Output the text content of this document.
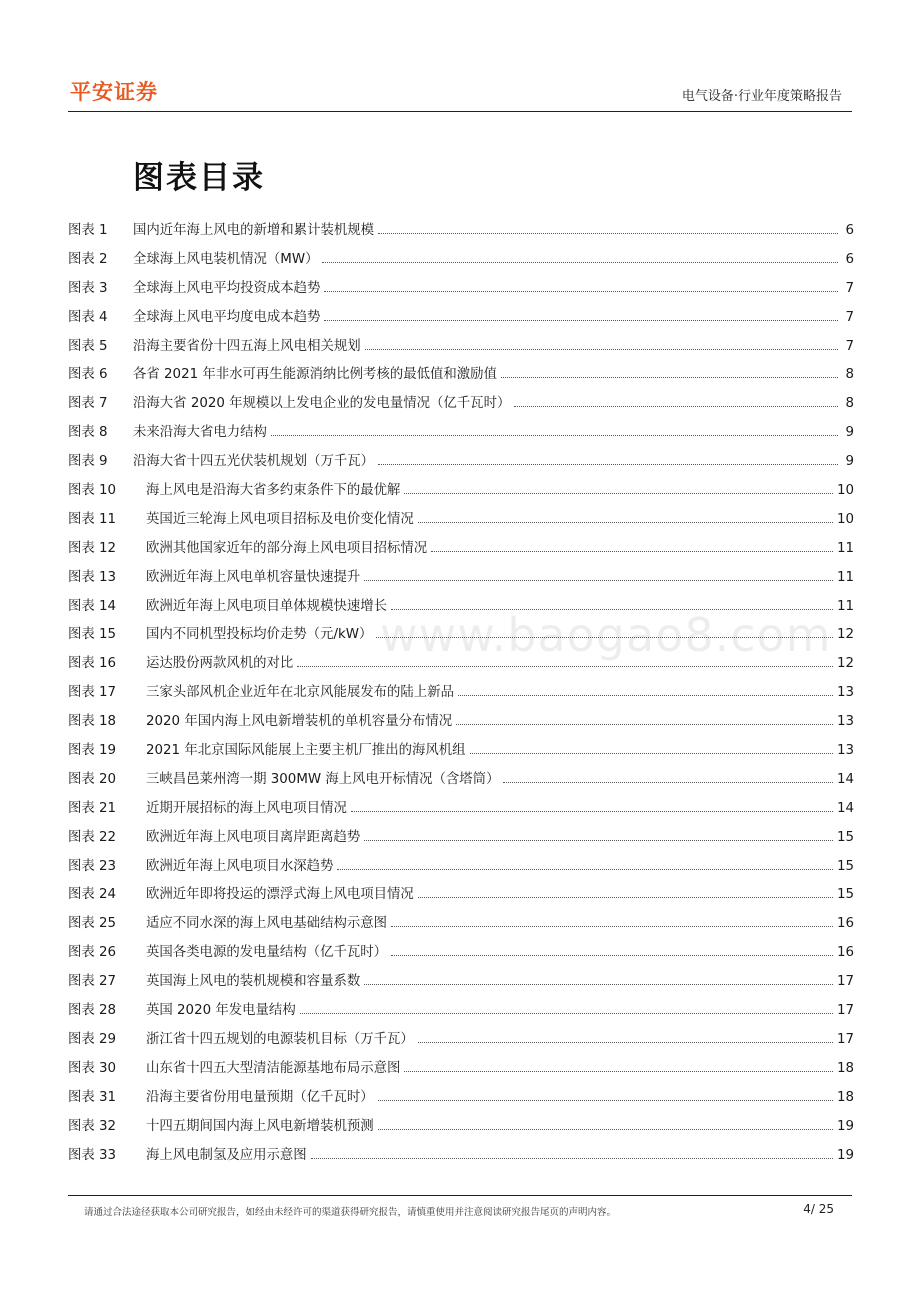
平安证券	电气设备·行业年度策略报告
图表目录
图表 1	国内近年海上风电的新增和累计装机规模	6
图表 2	全球海上风电装机情况（MW）	6
图表 3	全球海上风电平均投资成本趋势	7
图表 4	全球海上风电平均度电成本趋势	7
图表 5	沿海主要省份十四五海上风电相关规划	7
图表 6	各省 2021 年非水可再生能源消纳比例考核的最低值和激励值	8
图表 7	沿海大省 2020 年规模以上发电企业的发电量情况（亿千瓦时）	8
图表 8	未来沿海大省电力结构	9
图表 9	沿海大省十四五光伏装机规划（万千瓦）	9
图表 10	海上风电是沿海大省多约束条件下的最优解	10
图表 11	英国近三轮海上风电项目招标及电价变化情况	10
图表 12	欧洲其他国家近年的部分海上风电项目招标情况	11
图表 13	欧洲近年海上风电单机容量快速提升	11
图表 14	欧洲近年海上风电项目单体规模快速增长	11
图表 15	国内不同机型投标均价走势（元/kW）	12
图表 16	运达股份两款风机的对比	12
图表 17	三家头部风机企业近年在北京风能展发布的陆上新品	13
图表 18	2020 年国内海上风电新增装机的单机容量分布情况	13
图表 19	2021 年北京国际风能展上主要主机厂推出的海风机组	13
图表 20	三峡昌邑莱州湾一期 300MW 海上风电开标情况（含塔筒）	14
图表 21	近期开展招标的海上风电项目情况	14
图表 22	欧洲近年海上风电项目离岸距离趋势	15
图表 23	欧洲近年海上风电项目水深趋势	15
图表 24	欧洲近年即将投运的漂浮式海上风电项目情况	15
图表 25	适应不同水深的海上风电基础结构示意图	16
图表 26	英国各类电源的发电量结构（亿千瓦时）	16
图表 27	英国海上风电的装机规模和容量系数	17
图表 28	英国 2020 年发电量结构	17
图表 29	浙江省十四五规划的电源装机目标（万千瓦）	17
图表 30	山东省十四五大型清洁能源基地布局示意图	18
图表 31	沿海主要省份用电量预期（亿千瓦时）	18
图表 32	十四五期间国内海上风电新增装机预测	19
图表 33	海上风电制氢及应用示意图	19
www.baogao8.com
请通过合法途径获取本公司研究报告，如经由未经许可的渠道获得研究报告，请慎重使用并注意阅读研究报告尾页的声明内容。	4/ 25
